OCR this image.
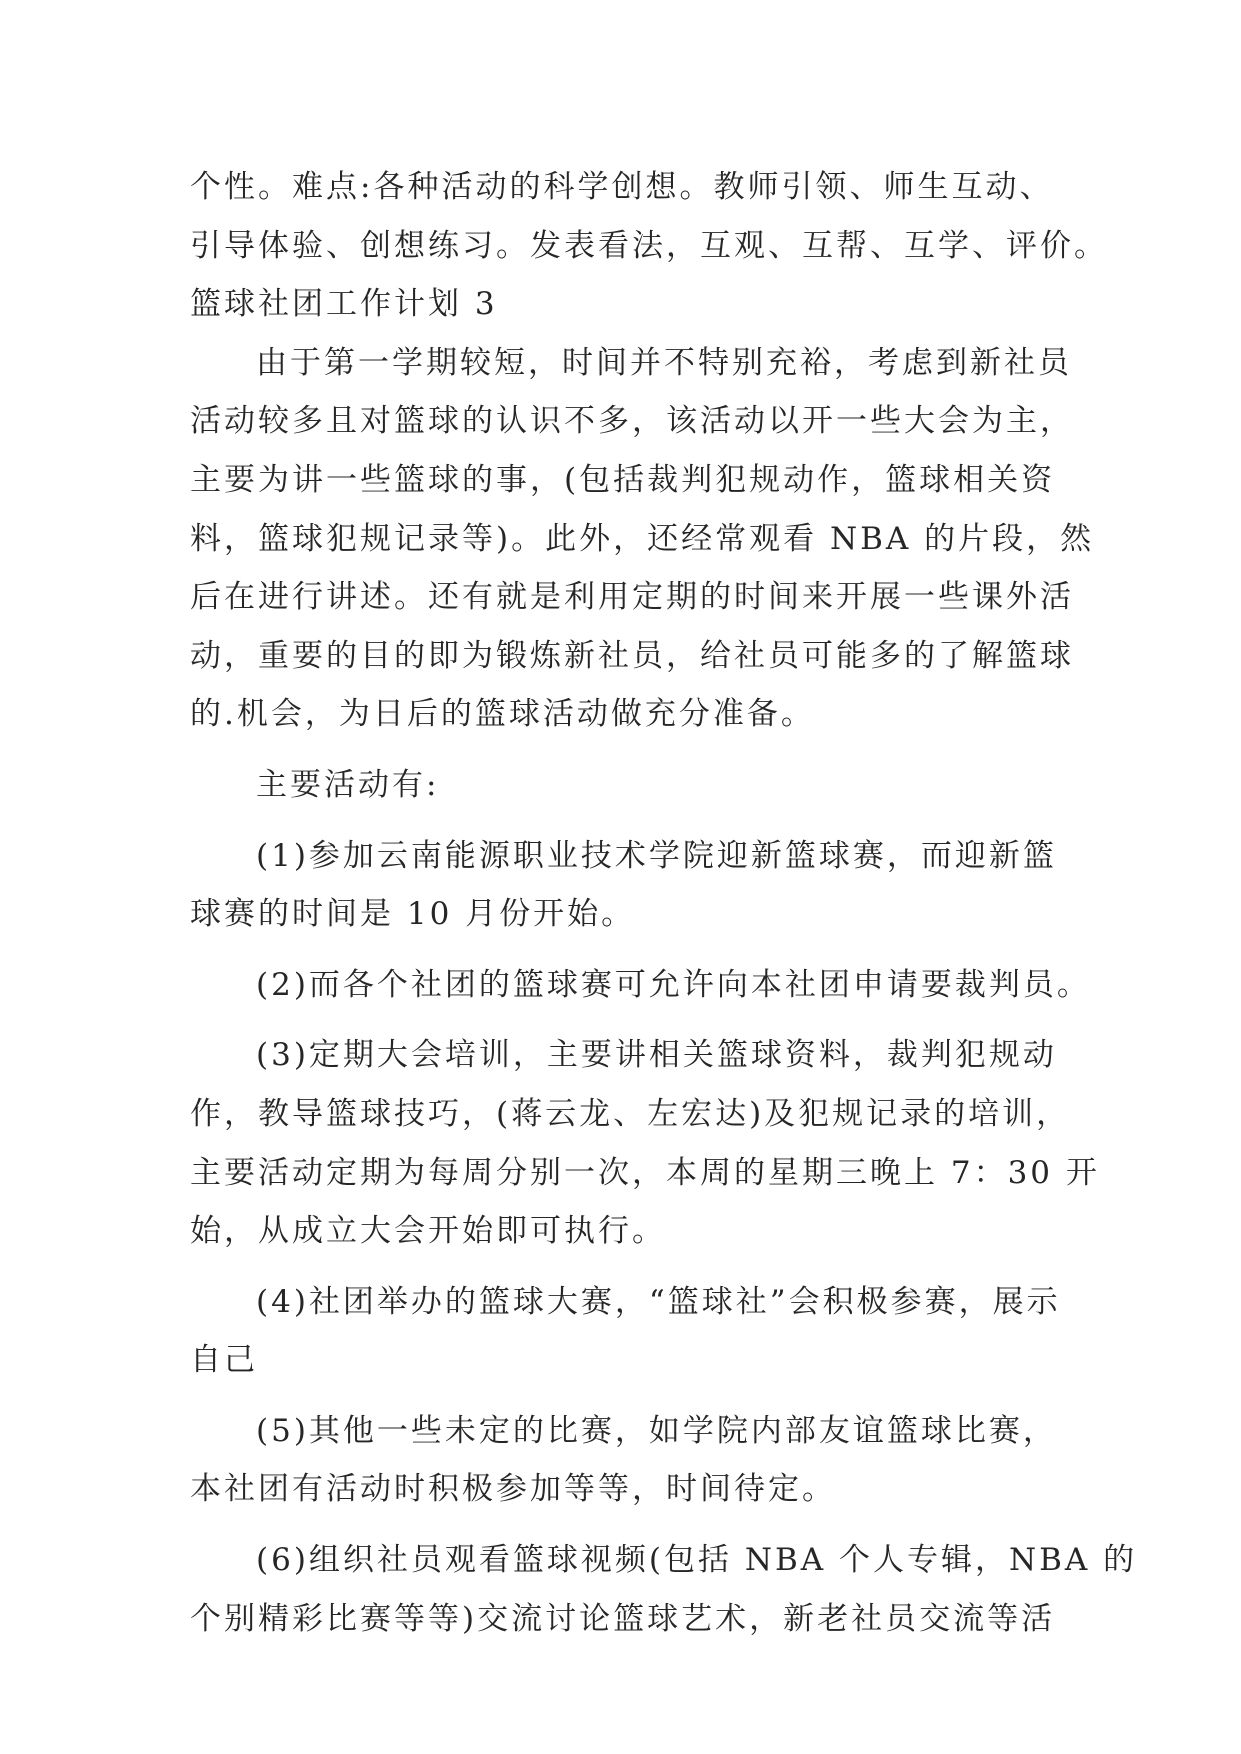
个性。难点:各种活动的科学创想。教师引领、师生互动、
引导体验、创想练习。发表看法，互观、互帮、互学、评价。
篮球社团工作计划 3
由于第一学期较短，时间并不特别充裕，考虑到新社员
活动较多且对篮球的认识不多，该活动以开一些大会为主，
主要为讲一些篮球的事，(包括裁判犯规动作，篮球相关资
料，篮球犯规记录等)。此外，还经常观看 NBA 的片段，然
后在进行讲述。还有就是利用定期的时间来开展一些课外活
动，重要的目的即为锻炼新社员，给社员可能多的了解篮球
的.机会，为日后的篮球活动做充分准备。
主要活动有:
(1)参加云南能源职业技术学院迎新篮球赛，而迎新篮
球赛的时间是 10 月份开始。
(2)而各个社团的篮球赛可允许向本社团申请要裁判员。
(3)定期大会培训，主要讲相关篮球资料，裁判犯规动
作，教导篮球技巧，(蒋云龙、左宏达)及犯规记录的培训，
主要活动定期为每周分别一次，本周的星期三晚上 7：30 开
始，从成立大会开始即可执行。
(4)社团举办的篮球大赛，“篮球社”会积极参赛，展示
自己
(5)其他一些未定的比赛，如学院内部友谊篮球比赛，
本社团有活动时积极参加等等，时间待定。
(6)组织社员观看篮球视频(包括 NBA 个人专辑，NBA 的
个别精彩比赛等等)交流讨论篮球艺术，新老社员交流等活
